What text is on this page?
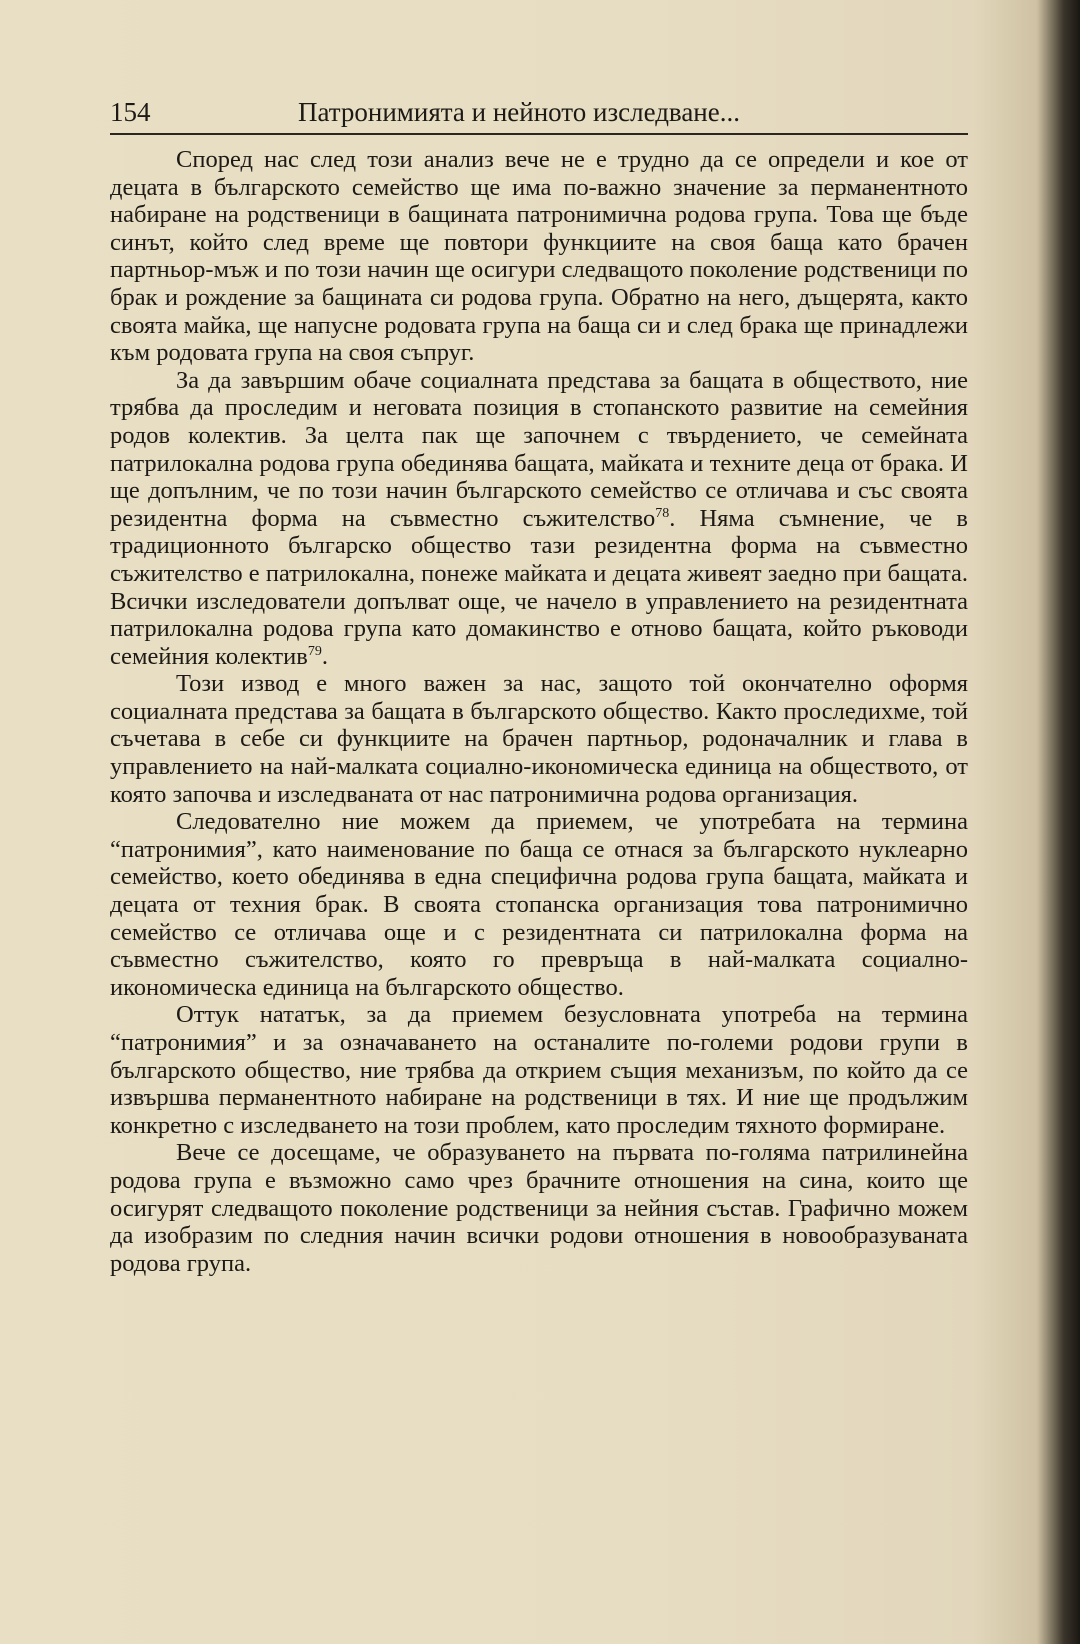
154	Патронимията и нейното изследване...

Според нас след този анализ вече не е трудно да се определи и кое от децата в българското семейство ще има по-важно значение за перманентното набиране на родственици в бащината патронимична родова група. Това ще бъде синът, който след време ще повтори функциите на своя баща като брачен партньор-мъж и по този начин ще осигури следващото поколение родственици по брак и рождение за бащината си родова група. Обратно на него, дъщерята, както своята майка, ще напусне родовата група на баща си и след брака ще принадлежи към родовата група на своя съпруг.

За да завършим обаче социалната представа за бащата в обществото, ние трябва да проследим и неговата позиция в стопанското развитие на семейния родов колектив. За целта пак ще започнем с твърдението, че семейната патрилокална родова група обединява бащата, майката и техните деца от брака. И ще допълним, че по този начин българското семейство се отличава и със своята резидентна форма на съвместно съжителство$^{78}$. Няма съмнение, че в традиционното българско общество тази резидентна форма на съвместно съжителство е патрилокална, понеже майката и децата живеят заедно при бащата. Всички изследователи допълват още, че начело в управлението на резидентната патрилокална родова група като домакинство е отново бащата, който ръководи семейния колектив$^{79}$.

Този извод е много важен за нас, защото той окончателно оформя социалната представа за бащата в българското общество. Както проследихме, той съчетава в себе си функциите на брачен партньор, родоначалник и глава в управлението на най-малката социално-икономическа единица на обществото, от която започва и изследваната от нас патронимична родова организация.

Следователно ние можем да приемем, че употребата на термина “патронимия”, като наименование по баща се отнася за българското нуклеарно семейство, което обединява в една специфична родова група бащата, майката и децата от техния брак. В своята стопанска организация това патронимично семейство се отличава още и с резидентната си патрилокална форма на съвместно съжителство, която го превръща в най-малката социално-икономическа единица на българското общество.

Оттук нататък, за да приемем безусловната употреба на термина “патронимия” и за означаването на останалите по-големи родови групи в българското общество, ние трябва да открием същия механизъм, по който да се извършва перманентното набиране на родственици в тях. И ние ще продължим конкретно с изследването на този проблем, като проследим тяхното формиране.

Вече се досещаме, че образуването на първата по-голяма патрилинейна родова група е възможно само чрез брачните отношения на сина, които ще осигурят следващото поколение родственици за нейния състав. Графично можем да изобразим по следния начин всички родови отношения в новообразуваната родова група.
